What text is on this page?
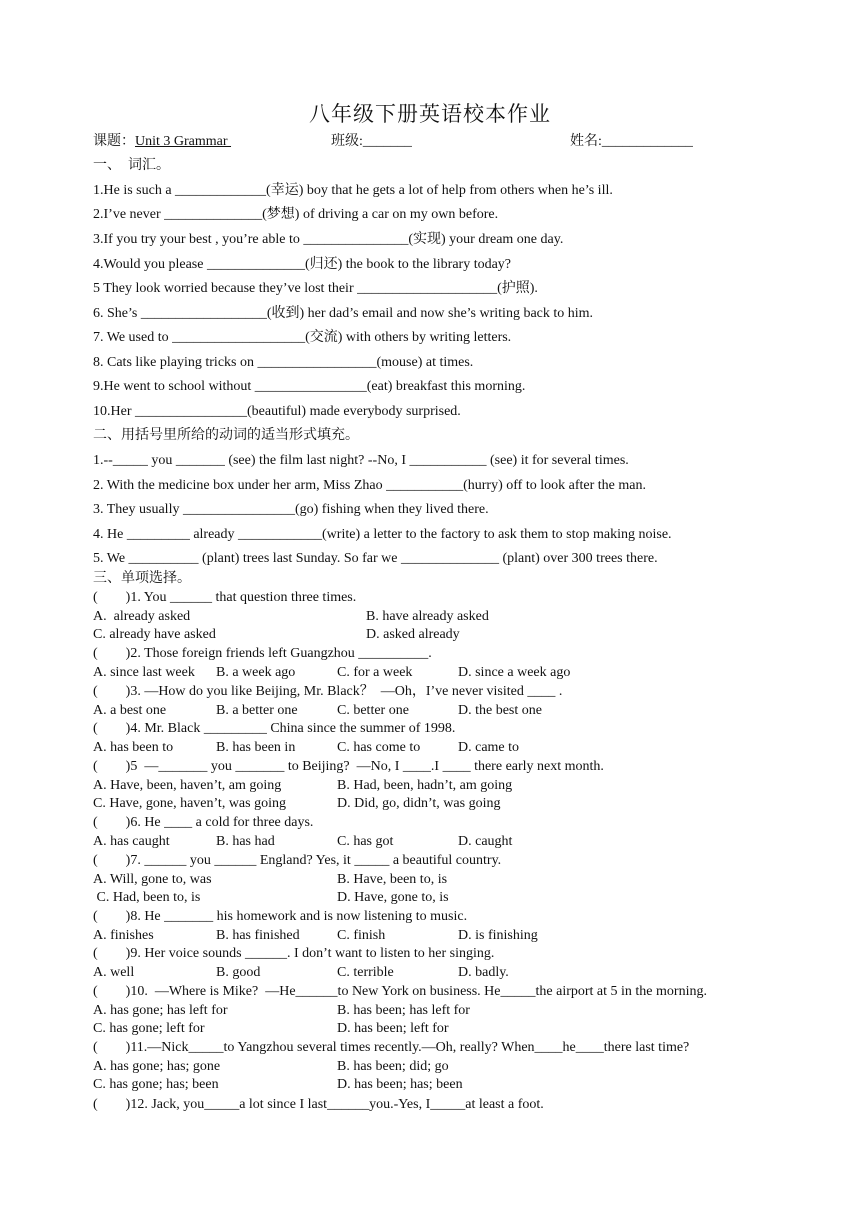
八年级下册英语校本作业
课题：Unit 3 Grammar	班级:_______	姓名:_____________
一、  词汇。
1.He is such a _____________(幸运) boy that he gets a lot of help from others when he’s ill.
2.I’ve never ______________(梦想) of driving a car on my own before.
3.If you try your best , you’re able to _______________(实现) your dream one day.
4.Would you please ______________(归还) the book to the library today?
5 They look worried because they’ve lost their ____________________(护照).
6. She’s __________________(收到) her dad’s email and now she’s writing back to him.
7. We used to ___________________(交流) with others by writing letters.
8. Cats like playing tricks on _________________(mouse) at times.
9.He went to school without ________________(eat) breakfast this morning.
10.Her ________________(beautiful) made everybody surprised.
二、用括号里所给的动词的适当形式填充。
1.--_____ you _______ (see) the film last night? --No, I ___________ (see) it for several times.
2. With the medicine box under her arm, Miss Zhao ___________(hurry) off to look after the man.
3. They usually ________________(go) fishing when they lived there.
4. He _________ already ____________(write) a letter to the factory to ask them to stop making noise.
5. We __________ (plant) trees last Sunday. So far we ______________ (plant) over 300 trees there.
三、单项选择。
(        )1. You ______ that question three times.
A.  already asked	B. have already asked
C. already have asked	D. asked already
(        )2. Those foreign friends left Guangzhou __________.
A. since last week B. a week ago	C. for a week	D. since a week ago
(        )3. —How do you like Beijing, Mr. Black？  —Oh，I’ve never visited ____ .
A. a best one	B. a better one	C. better one	D. the best one
(        )4. Mr. Black _________ China since the summer of 1998.
A. has been to	B. has been in	C. has come to	D. came to
(        )5  —_______ you _______ to Beijing?  —No, I ____.I ____ there early next month.
A. Have, been, haven’t, am going	B. Had, been, hadn’t, am going
C. Have, gone, haven’t, was going	D. Did, go, didn’t, was going
(        )6. He ____ a cold for three days.
A. has caught	B. has had	C. has got	D. caught
(        )7. ______ you ______ England? Yes, it _____ a beautiful country.
A. Will, gone to, was	B. Have, been to, is
C. Had, been to, is	D. Have, gone to, is
(        )8. He _______ his homework and is now listening to music.
A. finishes	B. has finished	C. finish	D. is finishing
(        )9. Her voice sounds ______. I don’t want to listen to her singing.
A. well	B. good	C. terrible	D. badly.
(        )10.  —Where is Mike?  —He______to New York on business. He_____the airport at 5 in the morning.
A. has gone; has left for	B. has been; has left for
C. has gone; left for	D. has been; left for
(        )11.—Nick_____to Yangzhou several times recently.—Oh, really? When____he____there last time?
A. has gone; has; gone	B. has been; did; go
C. has gone; has; been	D. has been; has; been
(        )12. Jack, you_____a lot since I last______you.-Yes, I_____at least a foot.
